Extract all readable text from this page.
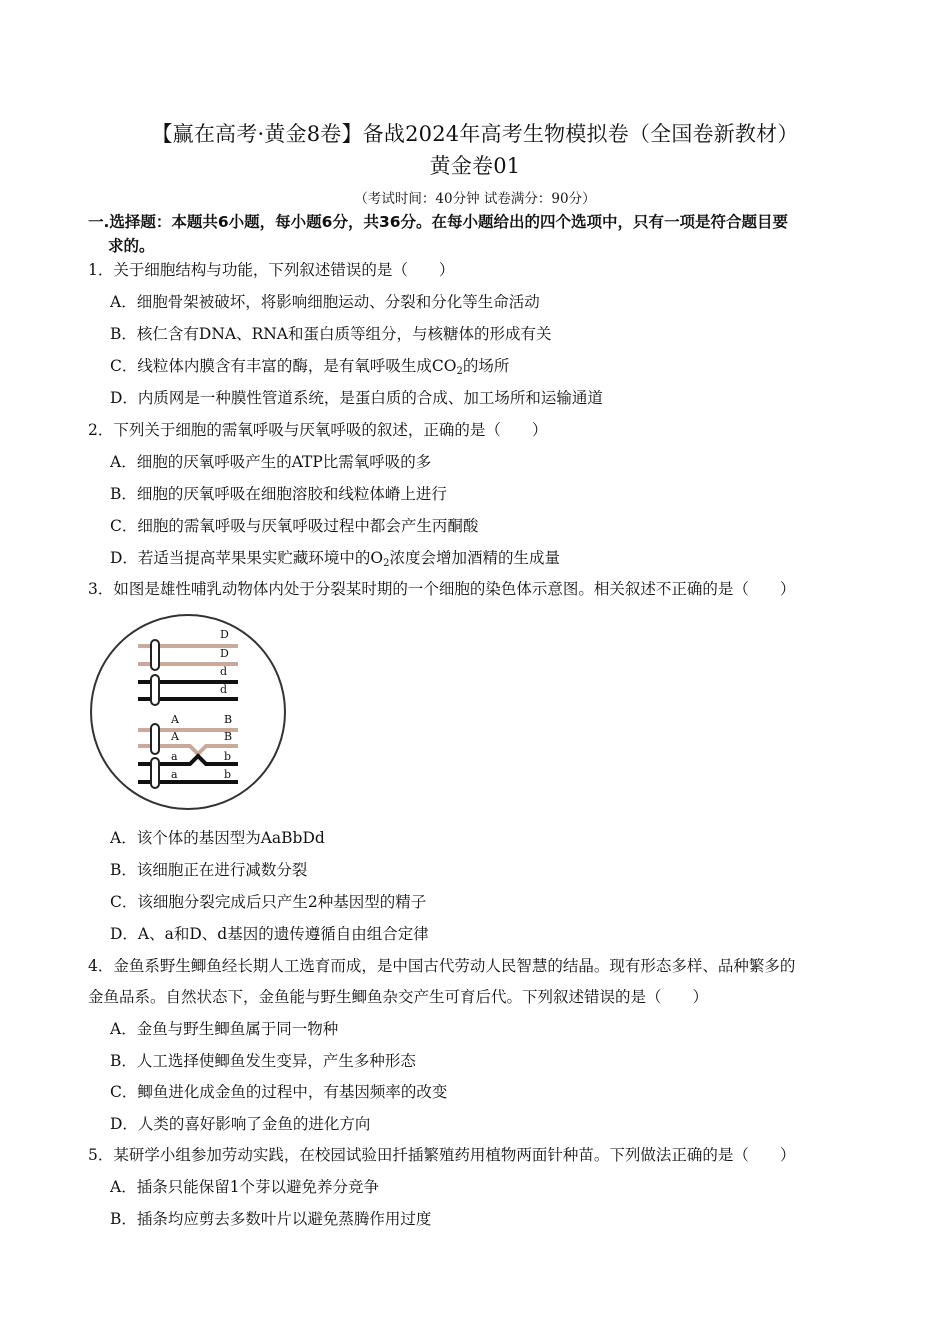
【赢在高考·黄金8卷】备战2024年高考生物模拟卷（全国卷新教材）
黄金卷01
（考试时间：40分钟 试卷满分：90分）
一.选择题：本题共6小题，每小题6分，共36分。在每小题给出的四个选项中，只有一项是符合题目要
求的。
1．关于细胞结构与功能，下列叙述错误的是（　　）
A．细胞骨架被破坏，将影响细胞运动、分裂和分化等生命活动
B．核仁含有DNA、RNA和蛋白质等组分，与核糖体的形成有关
C．线粒体内膜含有丰富的酶，是有氧呼吸生成$CO_2$的场所
D．内质网是一种膜性管道系统，是蛋白质的合成、加工场所和运输通道
2．下列关于细胞的需氧呼吸与厌氧呼吸的叙述，正确的是（　　）
A．细胞的厌氧呼吸产生的ATP比需氧呼吸的多
B．细胞的厌氧呼吸在细胞溶胶和线粒体嵴上进行
C．细胞的需氧呼吸与厌氧呼吸过程中都会产生丙酮酸
D．若适当提高苹果果实贮藏环境中的$O_2$浓度会增加酒精的生成量
3．如图是雄性哺乳动物体内处于分裂某时期的一个细胞的染色体示意图。相关叙述不正确的是（　　）
D
D
d
d
A	B
A	B
a	b
a	b
A．该个体的基因型为AaBbDd
B．该细胞正在进行减数分裂
C．该细胞分裂完成后只产生2种基因型的精子
D．A、a和D、d基因的遗传遵循自由组合定律
4．金鱼系野生鲫鱼经长期人工选育而成，是中国古代劳动人民智慧的结晶。现有形态多样、品种繁多的
金鱼品系。自然状态下，金鱼能与野生鲫鱼杂交产生可育后代。下列叙述错误的是（　　）
A．金鱼与野生鲫鱼属于同一物种
B．人工选择使鲫鱼发生变异，产生多种形态
C．鲫鱼进化成金鱼的过程中，有基因频率的改变
D．人类的喜好影响了金鱼的进化方向
5．某研学小组参加劳动实践，在校园试验田扦插繁殖药用植物两面针种苗。下列做法正确的是（　　）
A．插条只能保留1个芽以避免养分竞争
B．插条均应剪去多数叶片以避免蒸腾作用过度
